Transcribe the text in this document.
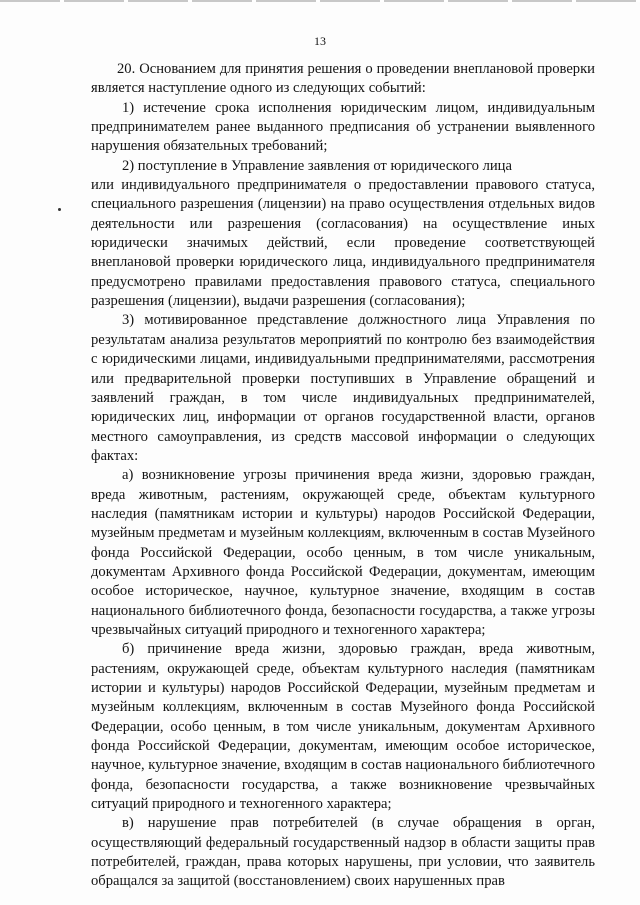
13

20. Основанием для принятия решения о проведении внеплановой проверки является наступление одного из следующих событий:

1) истечение срока исполнения юридическим лицом, индивидуальным предпринимателем ранее выданного предписания об устранении выявленного нарушения обязательных требований;

2) поступление в Управление заявления от юридического лица

или индивидуального предпринимателя о предоставлении правового статуса, специального разрешения (лицензии) на право осуществления отдельных видов деятельности или разрешения (согласования) на осуществление иных юридически значимых действий, если проведение соответствующей внеплановой проверки юридического лица, индивидуального предпринимателя предусмотрено правилами предоставления правового статуса, специального разрешения (лицензии), выдачи разрешения (согласования);

3) мотивированное представление должностного лица Управления по результатам анализа результатов мероприятий по контролю без взаимодействия с юридическими лицами, индивидуальными предпринимателями, рассмотрения или предварительной проверки поступивших в Управление обращений и заявлений граждан, в том числе индивидуальных предпринимателей, юридических лиц, информации от органов государственной власти, органов местного самоуправления, из средств массовой информации о следующих фактах:

а) возникновение угрозы причинения вреда жизни, здоровью граждан, вреда животным, растениям, окружающей среде, объектам культурного наследия (памятникам истории и культуры) народов Российской Федерации, музейным предметам и музейным коллекциям, включенным в состав Музейного фонда Российской Федерации, особо ценным, в том числе уникальным, документам Архивного фонда Российской Федерации, документам, имеющим особое историческое, научное, культурное значение, входящим в состав национального библиотечного фонда, безопасности государства, а также угрозы чрезвычайных ситуаций природного и техногенного характера;

б) причинение вреда жизни, здоровью граждан, вреда животным, растениям, окружающей среде, объектам культурного наследия (памятникам истории и культуры) народов Российской Федерации, музейным предметам и музейным коллекциям, включенным в состав Музейного фонда Российской Федерации, особо ценным, в том числе уникальным, документам Архивного фонда Российской Федерации, документам, имеющим особое историческое, научное, культурное значение, входящим в состав национального библиотечного фонда, безопасности государства, а также возникновение чрезвычайных ситуаций природного и техногенного характера;

в) нарушение прав потребителей (в случае обращения в орган, осуществляющий федеральный государственный надзор в области защиты прав потребителей, граждан, права которых нарушены, при условии, что заявитель обращался за защитой (восстановлением) своих нарушенных прав
